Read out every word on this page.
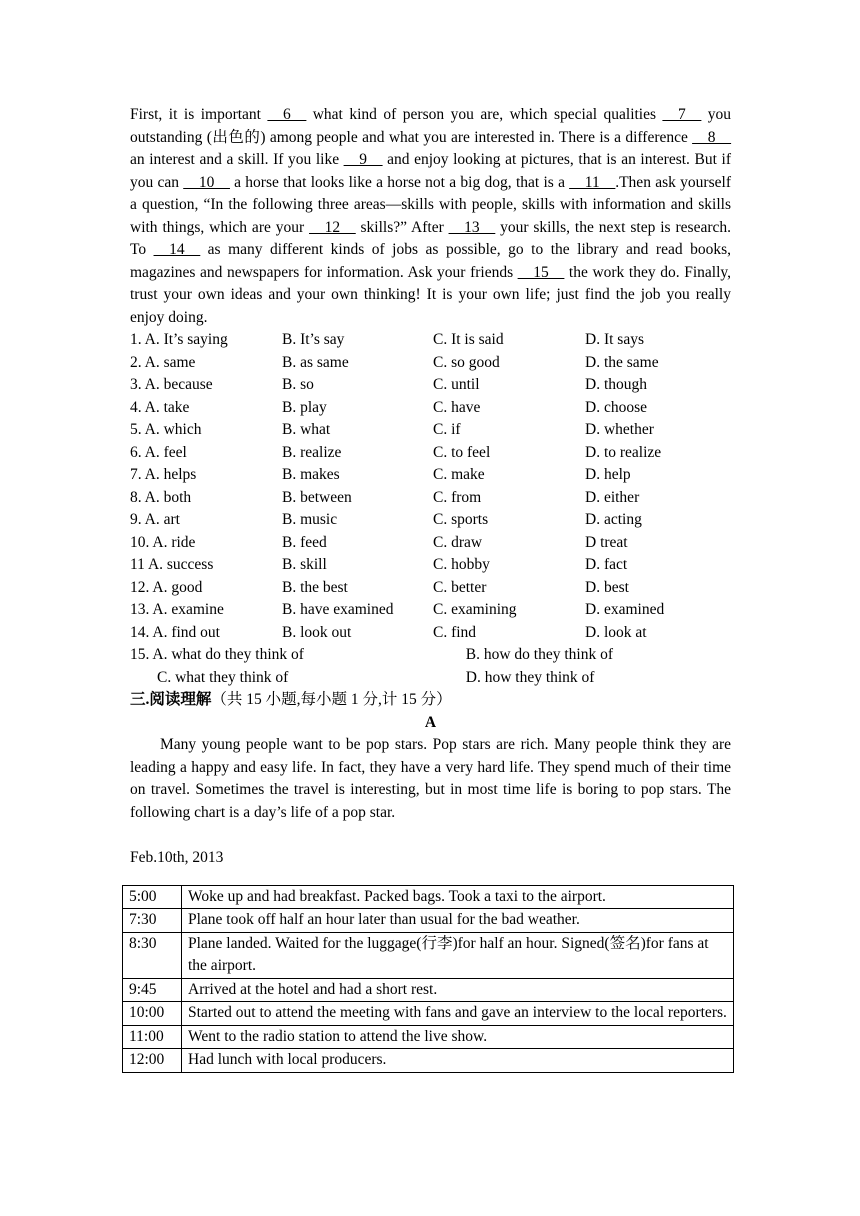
First, it is important __6__ what kind of person you are, which special qualities __7__ you outstanding (出色的) among people and what you are interested in. There is a difference __8__ an interest and a skill. If you like __9__ and enjoy looking at pictures, that is an interest. But if you can __10__ a horse that looks like a horse not a big dog, that is a __11__.Then ask yourself a question, “In the following three areas—skills with people, skills with information and skills with things, which are your __12__ skills?” After __13__ your skills, the next step is research. To __14__ as many different kinds of jobs as possible, go to the library and read books, magazines and newspapers for information. Ask your friends __15__ the work they do. Finally, trust your own ideas and your own thinking! It is your own life; just find the job you really enjoy doing.

1. A. It’s saying	B. It’s say	C. It is said	D. It says
2. A. same	B. as same	C. so good	D. the same
3. A. because	B. so	C. until	D. though
4. A. take	B. play	C. have	D. choose
5. A. which	B. what	C. if	D. whether
6. A. feel	B. realize	C. to feel	D. to realize
7. A. helps	B. makes	C. make	D. help
8. A. both	B. between	C. from	D. either
9. A. art	B. music	C. sports	D. acting
10. A. ride	B. feed	C. draw	D treat
11 A. success	B. skill	C. hobby	D. fact
12. A. good	B. the best	C. better	D. best
13. A. examine	B. have examined	C. examining	D. examined
14. A. find out	B. look out	C. find	D. look at
15. A. what do they think of	B. how do they think of
C. what they think of	D. how they think of

三.阅读理解（共 15 小题,每小题 1 分,计 15 分）

A

Many young people want to be pop stars. Pop stars are rich. Many people think they are leading a happy and easy life. In fact, they have a very hard life. They spend much of their time on travel. Sometimes the travel is interesting, but in most time life is boring to pop stars. The following chart is a day’s life of a pop star.

Feb.10th, 2013

5:00	Woke up and had breakfast. Packed bags. Took a taxi to the airport.
7:30	Plane took off half an hour later than usual for the bad weather.
8:30	Plane landed. Waited for the luggage(行李)for half an hour. Signed(签名)for fans at the airport.
9:45	Arrived at the hotel and had a short rest.
10:00	Started out to attend the meeting with fans and gave an interview to the local reporters.
11:00	Went to the radio station to attend the live show.
12:00	Had lunch with local producers.
